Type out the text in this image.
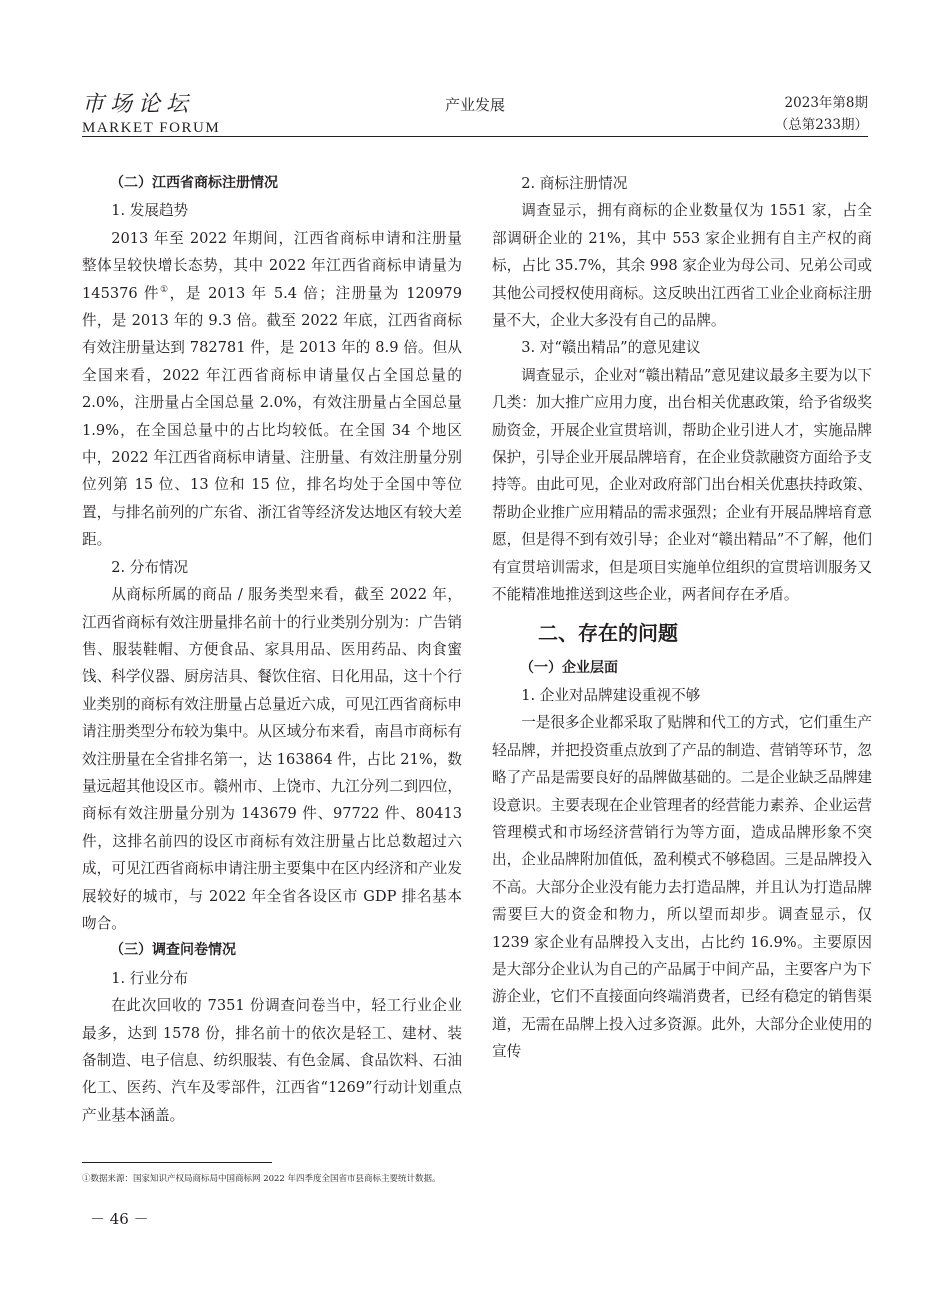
市场论坛
MARKET FORUM
产业发展	2023年第8期
（总第233期）

（二）江西省商标注册情况

1. 发展趋势

2013 年至 2022 年期间，江西省商标申请和注册量整体呈较快增长态势，其中 2022 年江西省商标申请量为 145376 件①，是 2013 年 5.4 倍；注册量为 120979 件，是 2013 年的 9.3 倍。截至 2022 年底，江西省商标有效注册量达到 782781 件，是 2013 年的 8.9 倍。但从全国来看，2022 年江西省商标申请量仅占全国总量的 2.0%，注册量占全国总量 2.0%，有效注册量占全国总量 1.9%，在全国总量中的占比均较低。在全国 34 个地区中，2022 年江西省商标申请量、注册量、有效注册量分别位列第 15 位、13 位和 15 位，排名均处于全国中等位置，与排名前列的广东省、浙江省等经济发达地区有较大差距。

2. 分布情况

从商标所属的商品 / 服务类型来看，截至 2022 年，江西省商标有效注册量排名前十的行业类别分别为：广告销售、服装鞋帽、方便食品、家具用品、医用药品、肉食蜜饯、科学仪器、厨房洁具、餐饮住宿、日化用品，这十个行业类别的商标有效注册量占总量近六成，可见江西省商标申请注册类型分布较为集中。从区域分布来看，南昌市商标有效注册量在全省排名第一，达 163864 件，占比 21%，数量远超其他设区市。赣州市、上饶市、九江分列二到四位，商标有效注册量分别为 143679 件、97722 件、80413 件，这排名前四的设区市商标有效注册量占比总数超过六成，可见江西省商标申请注册主要集中在区内经济和产业发展较好的城市，与 2022 年全省各设区市 GDP 排名基本吻合。

（三）调查问卷情况

1. 行业分布

在此次回收的 7351 份调查问卷当中，轻工行业企业最多，达到 1578 份，排名前十的依次是轻工、建材、装备制造、电子信息、纺织服装、有色金属、食品饮料、石油化工、医药、汽车及零部件，江西省“1269”行动计划重点产业基本涵盖。

2. 商标注册情况

调查显示，拥有商标的企业数量仅为 1551 家，占全部调研企业的 21%，其中 553 家企业拥有自主产权的商标，占比 35.7%，其余 998 家企业为母公司、兄弟公司或其他公司授权使用商标。这反映出江西省工业企业商标注册量不大，企业大多没有自己的品牌。

3. 对“赣出精品”的意见建议

调查显示，企业对“赣出精品”意见建议最多主要为以下几类：加大推广应用力度，出台相关优惠政策，给予省级奖励资金，开展企业宣贯培训，帮助企业引进人才，实施品牌保护，引导企业开展品牌培育，在企业贷款融资方面给予支持等。由此可见，企业对政府部门出台相关优惠扶持政策、帮助企业推广应用精品的需求强烈；企业有开展品牌培育意愿，但是得不到有效引导；企业对“赣出精品”不了解，他们有宣贯培训需求，但是项目实施单位组织的宣贯培训服务又不能精准地推送到这些企业，两者间存在矛盾。

二、存在的问题

（一）企业层面

1. 企业对品牌建设重视不够

一是很多企业都采取了贴牌和代工的方式，它们重生产轻品牌，并把投资重点放到了产品的制造、营销等环节，忽略了产品是需要良好的品牌做基础的。二是企业缺乏品牌建设意识。主要表现在企业管理者的经营能力素养、企业运营管理模式和市场经济营销行为等方面，造成品牌形象不突出，企业品牌附加值低，盈利模式不够稳固。三是品牌投入不高。大部分企业没有能力去打造品牌，并且认为打造品牌需要巨大的资金和物力，所以望而却步。调查显示，仅 1239 家企业有品牌投入支出，占比约 16.9%。主要原因是大部分企业认为自己的产品属于中间产品，主要客户为下游企业，它们不直接面向终端消费者，已经有稳定的销售渠道，无需在品牌上投入过多资源。此外，大部分企业使用的宣传

①数据来源：国家知识产权局商标局中国商标网 2022 年四季度全国省市县商标主要统计数据。
－ 46 －
